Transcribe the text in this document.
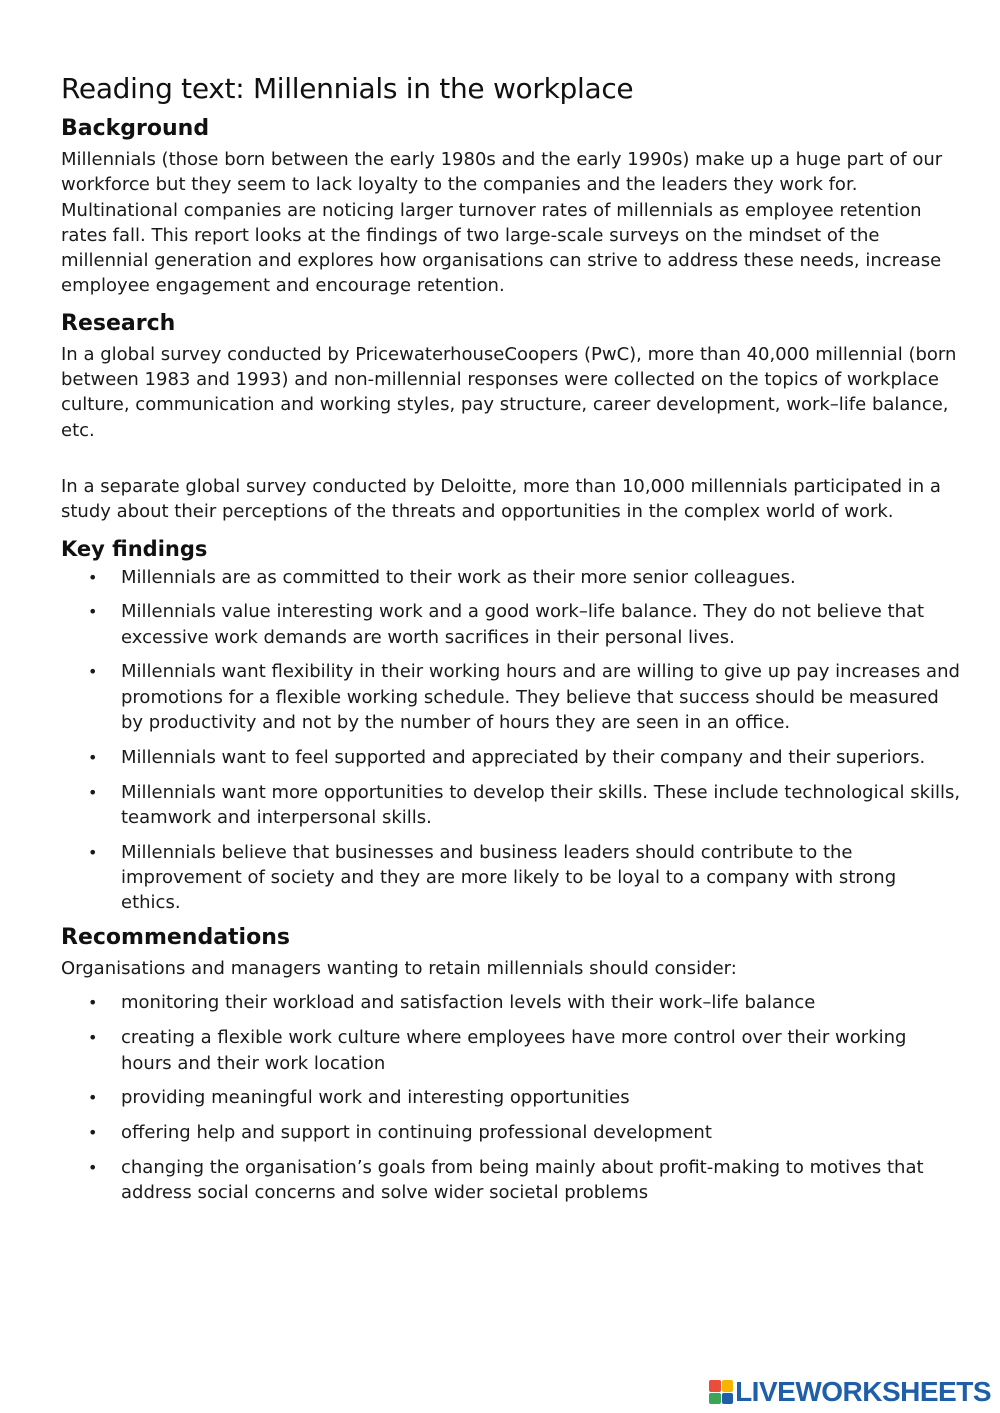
Reading text: Millennials in the workplace
Background

Millennials (those born between the early 1980s and the early 1990s) make up a huge part of our workforce but they seem to lack loyalty to the companies and the leaders they work for. Multinational companies are noticing larger turnover rates of millennials as employee retention rates fall. This report looks at the findings of two large-scale surveys on the mindset of the millennial generation and explores how organisations can strive to address these needs, increase employee engagement and encourage retention.

Research

In a global survey conducted by PricewaterhouseCoopers (PwC), more than 40,000 millennial (born between 1983 and 1993) and non-millennial responses were collected on the topics of workplace culture, communication and working styles, pay structure, career development, work–life balance, etc.

In a separate global survey conducted by Deloitte, more than 10,000 millennials participated in a study about their perceptions of the threats and opportunities in the complex world of work.

Key findings
• Millennials are as committed to their work as their more senior colleagues.
• Millennials value interesting work and a good work–life balance. They do not believe that excessive work demands are worth sacrifices in their personal lives.
• Millennials want flexibility in their working hours and are willing to give up pay increases and promotions for a flexible working schedule. They believe that success should be measured by productivity and not by the number of hours they are seen in an office.
• Millennials want to feel supported and appreciated by their company and their superiors.
• Millennials want more opportunities to develop their skills. These include technological skills, teamwork and interpersonal skills.
• Millennials believe that businesses and business leaders should contribute to the improvement of society and they are more likely to be loyal to a company with strong ethics.
Recommendations

Organisations and managers wanting to retain millennials should consider:

• monitoring their workload and satisfaction levels with their work–life balance
• creating a flexible work culture where employees have more control over their working hours and their work location
• providing meaningful work and interesting opportunities
• offering help and support in continuing professional development
• changing the organisation’s goals from being mainly about profit-making to motives that address social concerns and solve wider societal problems
LIVEWORKSHEETS
